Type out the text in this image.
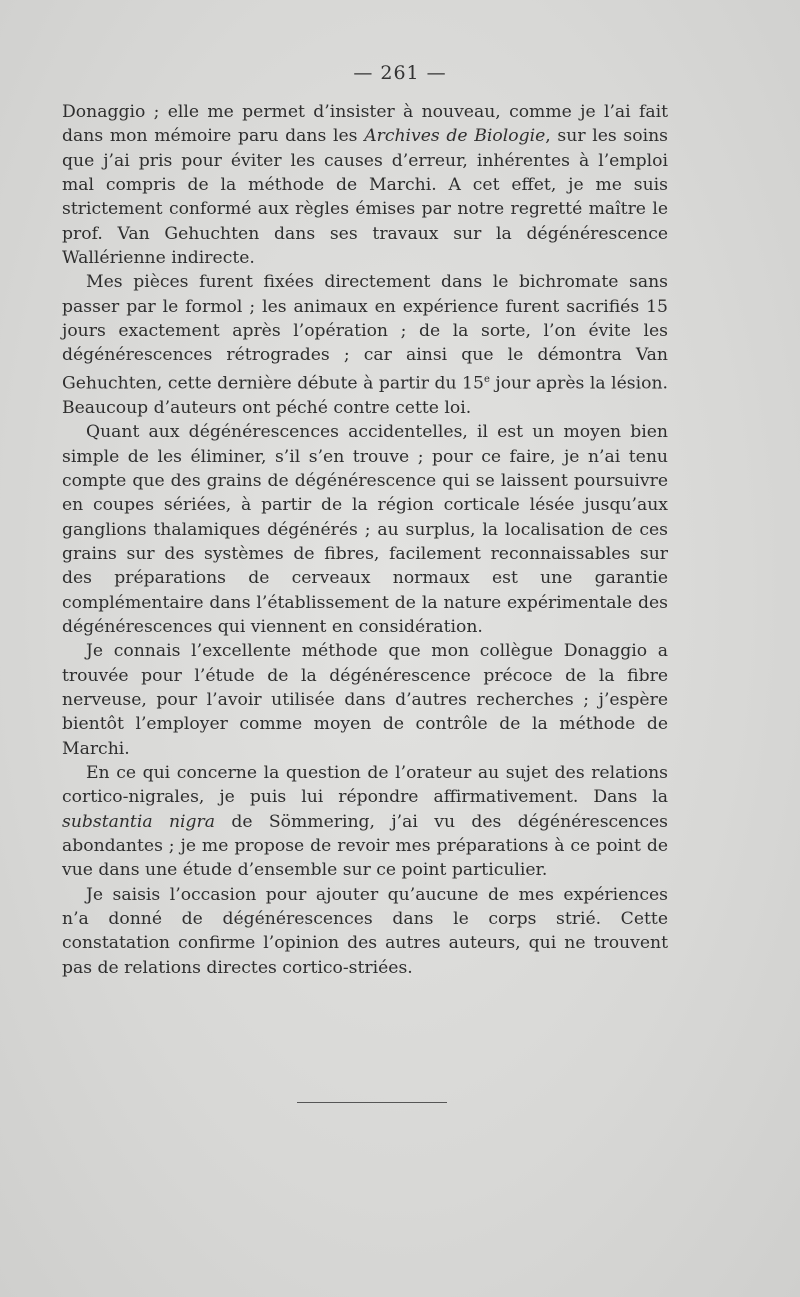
— 261 —

Donaggio ; elle me permet d’insister à nouveau, comme je l’ai fait dans mon mémoire paru dans les Archives de Biologie, sur les soins que j’ai pris pour éviter les causes d’erreur, inhérentes à l’emploi mal compris de la méthode de Marchi. A cet effet, je me suis strictement conformé aux règles émises par notre regretté maître le prof. Van Gehuchten dans ses travaux sur la dégénérescence Wallérienne indirecte.

Mes pièces furent fixées directement dans le bichromate sans passer par le formol ; les animaux en expérience furent sacrifiés 15 jours exactement après l’opération ; de la sorte, l’on évite les dégénérescences rétrogrades ; car ainsi que le démontra Van Gehuchten, cette dernière débute à partir du 15e jour après la lésion. Beaucoup d’auteurs ont péché contre cette loi.

Quant aux dégénérescences accidentelles, il est un moyen bien simple de les éliminer, s’il s’en trouve ; pour ce faire, je n’ai tenu compte que des grains de dégénérescence qui se laissent poursuivre en coupes sériées, à partir de la région corticale lésée jusqu’aux ganglions thalamiques dégénérés ; au surplus, la localisation de ces grains sur des systèmes de fibres, facilement reconnaissables sur des préparations de cerveaux normaux est une garantie complémentaire dans l’établissement de la nature expérimentale des dégénérescences qui viennent en considération.

Je connais l’excellente méthode que mon collègue Donaggio a trouvée pour l’étude de la dégénérescence précoce de la fibre nerveuse, pour l’avoir utilisée dans d’autres recherches ; j’espère bientôt l’employer comme moyen de contrôle de la méthode de Marchi.

En ce qui concerne la question de l’orateur au sujet des relations cortico-nigrales, je puis lui répondre affirmativement. Dans la substantia nigra de Sömmering, j’ai vu des dégénérescences abondantes ; je me propose de revoir mes préparations à ce point de vue dans une étude d’ensemble sur ce point particulier.

Je saisis l’occasion pour ajouter qu’aucune de mes expériences n’a donné de dégénérescences dans le corps strié. Cette constatation confirme l’opinion des autres auteurs, qui ne trouvent pas de relations directes cortico-striées.
